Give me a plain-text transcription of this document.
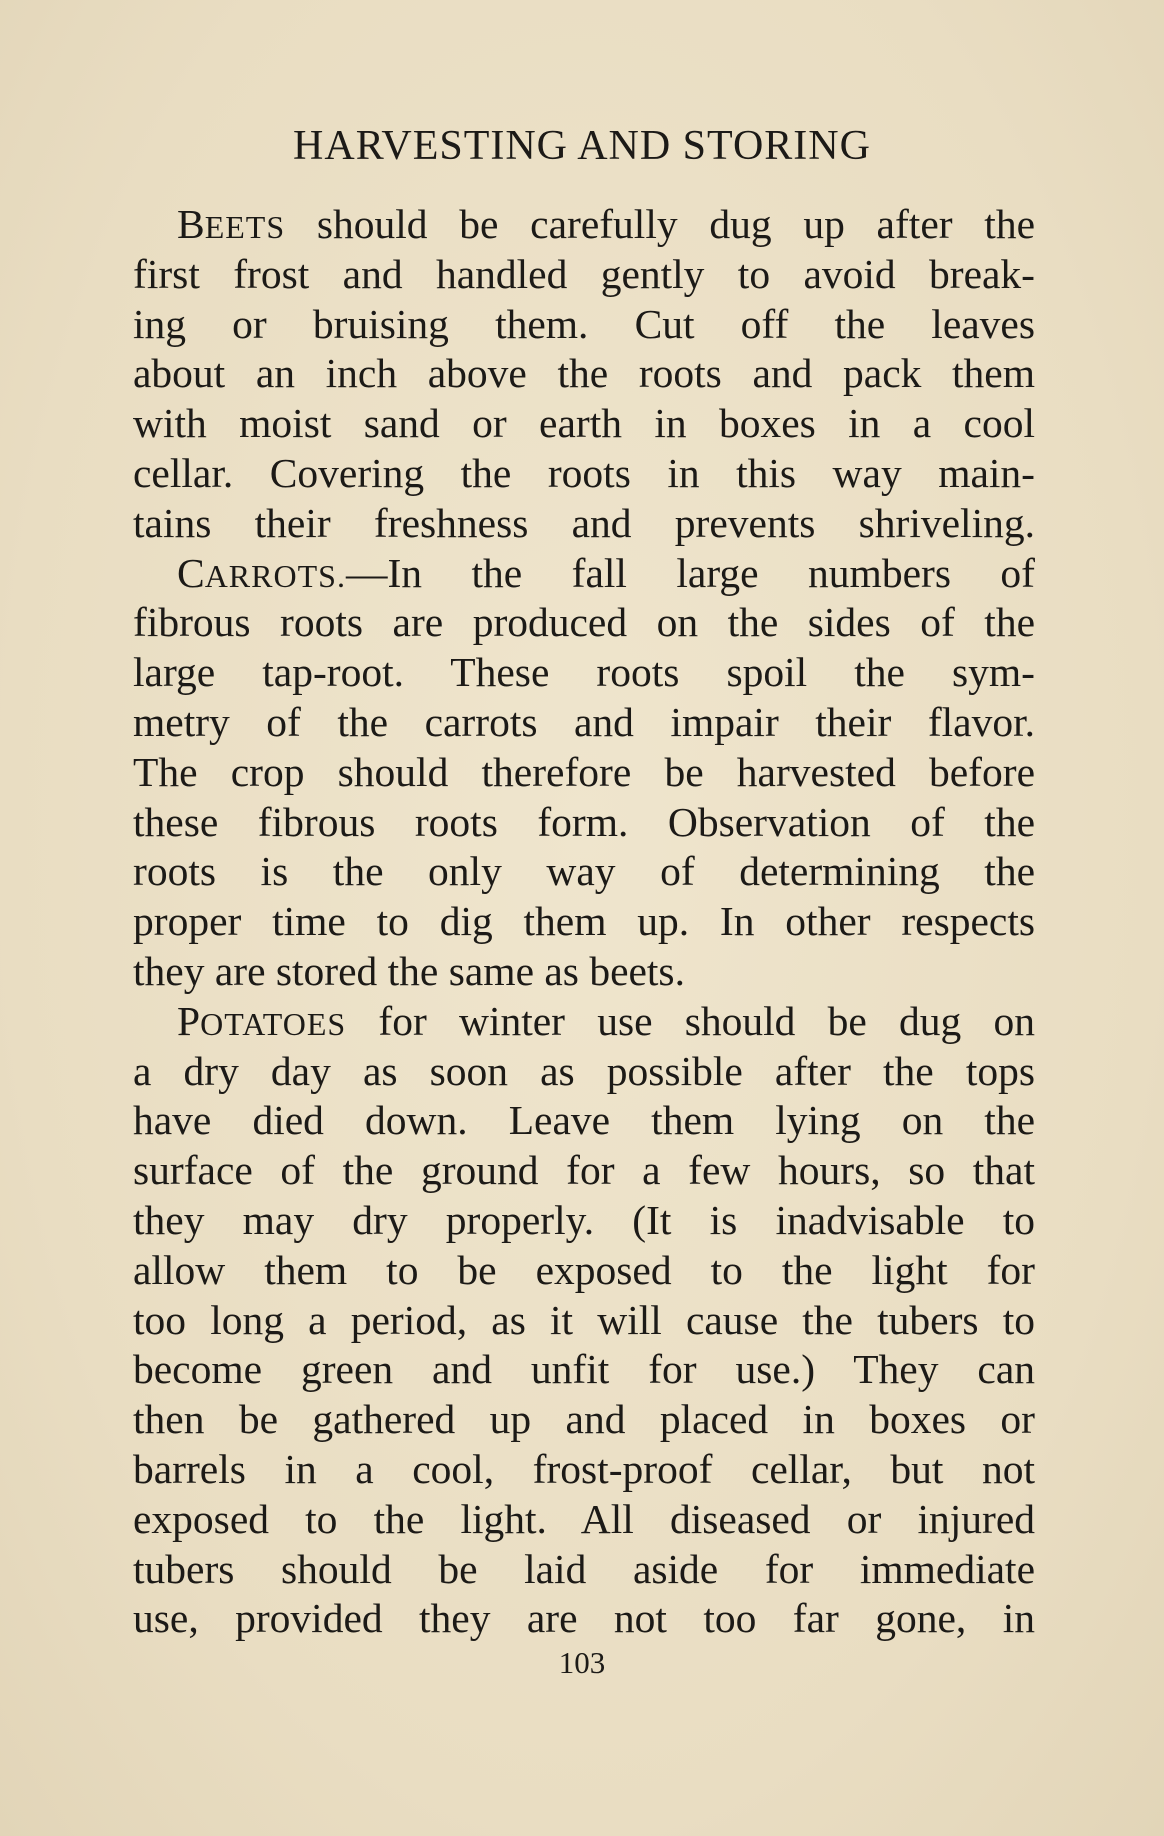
HARVESTING AND STORING
BEETS should be carefully dug up after the
first frost and handled gently to avoid break-
ing or bruising them. Cut off the leaves
about an inch above the roots and pack them
with moist sand or earth in boxes in a cool
cellar. Covering the roots in this way main-
tains their freshness and prevents shriveling.
CARROTS.—In the fall large numbers of
fibrous roots are produced on the sides of the
large tap-root. These roots spoil the sym-
metry of the carrots and impair their flavor.
The crop should therefore be harvested before
these fibrous roots form. Observation of the
roots is the only way of determining the
proper time to dig them up. In other respects
they are stored the same as beets.
POTATOES for winter use should be dug on
a dry day as soon as possible after the tops
have died down. Leave them lying on the
surface of the ground for a few hours, so that
they may dry properly. (It is inadvisable to
allow them to be exposed to the light for
too long a period, as it will cause the tubers to
become green and unfit for use.) They can
then be gathered up and placed in boxes or
barrels in a cool, frost-proof cellar, but not
exposed to the light. All diseased or injured
tubers should be laid aside for immediate
use, provided they are not too far gone, in
103
